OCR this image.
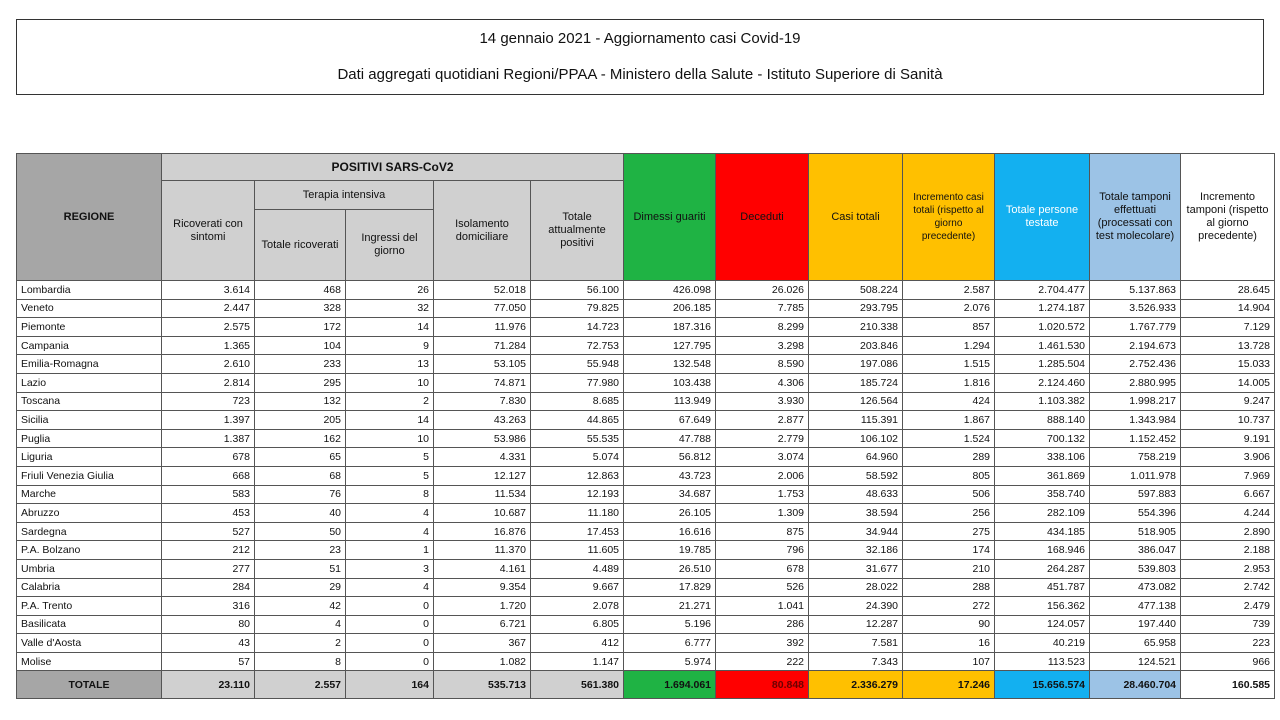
14 gennaio 2021 - Aggiornamento casi Covid-19
Dati aggregati quotidiani Regioni/PPAA - Ministero della Salute - Istituto Superiore di Sanità
REGIONE	POSITIVI SARS-CoV2					Dimessi guariti	Deceduti	Casi totali	Incremento casi totali (rispetto al giorno precedente)	Totale persone testate	Totale tamponi effettuati (processati con test molecolare)	Incremento tamponi (rispetto al giorno precedente)
	Ricoverati con sintomi	Terapia intensiva		Isolamento domiciliare	Totale attualmente positivi							
		Totale ricoverati	Ingressi del giorno									
Lombardia	3.614	468	26	52.018	56.100	426.098	26.026	508.224	2.587	2.704.477	5.137.863	28.645
Veneto	2.447	328	32	77.050	79.825	206.185	7.785	293.795	2.076	1.274.187	3.526.933	14.904
Piemonte	2.575	172	14	11.976	14.723	187.316	8.299	210.338	857	1.020.572	1.767.779	7.129
Campania	1.365	104	9	71.284	72.753	127.795	3.298	203.846	1.294	1.461.530	2.194.673	13.728
Emilia-Romagna	2.610	233	13	53.105	55.948	132.548	8.590	197.086	1.515	1.285.504	2.752.436	15.033
Lazio	2.814	295	10	74.871	77.980	103.438	4.306	185.724	1.816	2.124.460	2.880.995	14.005
Toscana	723	132	2	7.830	8.685	113.949	3.930	126.564	424	1.103.382	1.998.217	9.247
Sicilia	1.397	205	14	43.263	44.865	67.649	2.877	115.391	1.867	888.140	1.343.984	10.737
Puglia	1.387	162	10	53.986	55.535	47.788	2.779	106.102	1.524	700.132	1.152.452	9.191
Liguria	678	65	5	4.331	5.074	56.812	3.074	64.960	289	338.106	758.219	3.906
Friuli Venezia Giulia	668	68	5	12.127	12.863	43.723	2.006	58.592	805	361.869	1.011.978	7.969
Marche	583	76	8	11.534	12.193	34.687	1.753	48.633	506	358.740	597.883	6.667
Abruzzo	453	40	4	10.687	11.180	26.105	1.309	38.594	256	282.109	554.396	4.244
Sardegna	527	50	4	16.876	17.453	16.616	875	34.944	275	434.185	518.905	2.890
P.A. Bolzano	212	23	1	11.370	11.605	19.785	796	32.186	174	168.946	386.047	2.188
Umbria	277	51	3	4.161	4.489	26.510	678	31.677	210	264.287	539.803	2.953
Calabria	284	29	4	9.354	9.667	17.829	526	28.022	288	451.787	473.082	2.742
P.A. Trento	316	42	0	1.720	2.078	21.271	1.041	24.390	272	156.362	477.138	2.479
Basilicata	80	4	0	6.721	6.805	5.196	286	12.287	90	124.057	197.440	739
Valle d'Aosta	43	2	0	367	412	6.777	392	7.581	16	40.219	65.958	223
Molise	57	8	0	1.082	1.147	5.974	222	7.343	107	113.523	124.521	966
TOTALE	23.110	2.557	164	535.713	561.380	1.694.061	80.848	2.336.279	17.246	15.656.574	28.460.704	160.585
